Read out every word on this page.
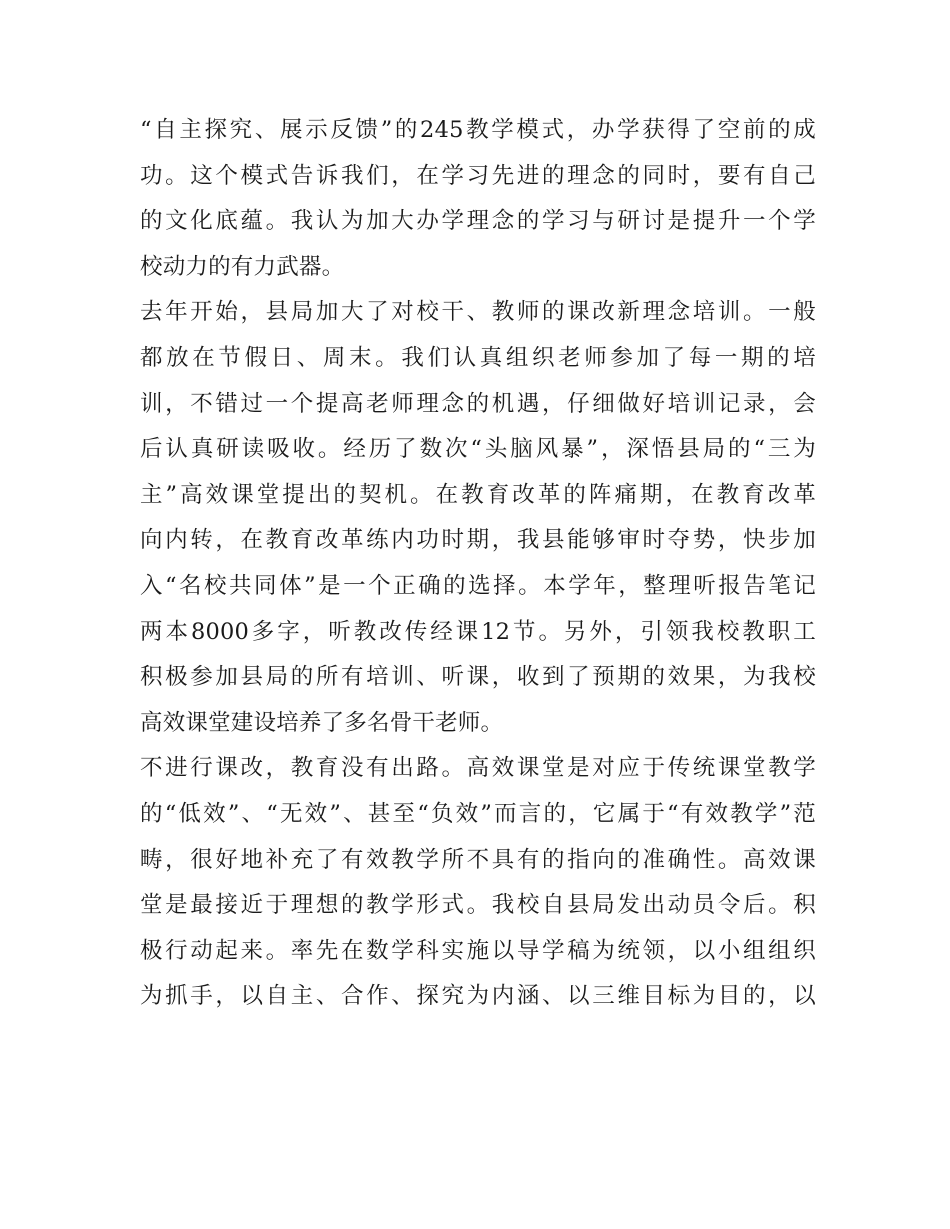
“自主探究、展示反馈”的245教学模式，办学获得了空前的成
功。这个模式告诉我们，在学习先进的理念的同时，要有自己
的文化底蕴。我认为加大办学理念的学习与研讨是提升一个学
校动力的有力武器。
去年开始，县局加大了对校干、教师的课改新理念培训。一般
都放在节假日、周末。我们认真组织老师参加了每一期的培
训，不错过一个提高老师理念的机遇，仔细做好培训记录，会
后认真研读吸收。经历了数次“头脑风暴”，深悟县局的“三为
主”高效课堂提出的契机。在教育改革的阵痛期，在教育改革
向内转，在教育改革练内功时期，我县能够审时夺势，快步加
入“名校共同体”是一个正确的选择。本学年，整理听报告笔记
两本8000多字，听教改传经课12节。另外，引领我校教职工
积极参加县局的所有培训、听课，收到了预期的效果，为我校
高效课堂建设培养了多名骨干老师。
不进行课改，教育没有出路。高效课堂是对应于传统课堂教学
的“低效”、“无效”、甚至“负效”而言的，它属于“有效教学”范
畴，很好地补充了有效教学所不具有的指向的准确性。高效课
堂是最接近于理想的教学形式。我校自县局发出动员令后。积
极行动起来。率先在数学科实施以导学稿为统领，以小组组织
为抓手，以自主、合作、探究为内涵、以三维目标为目的，以
